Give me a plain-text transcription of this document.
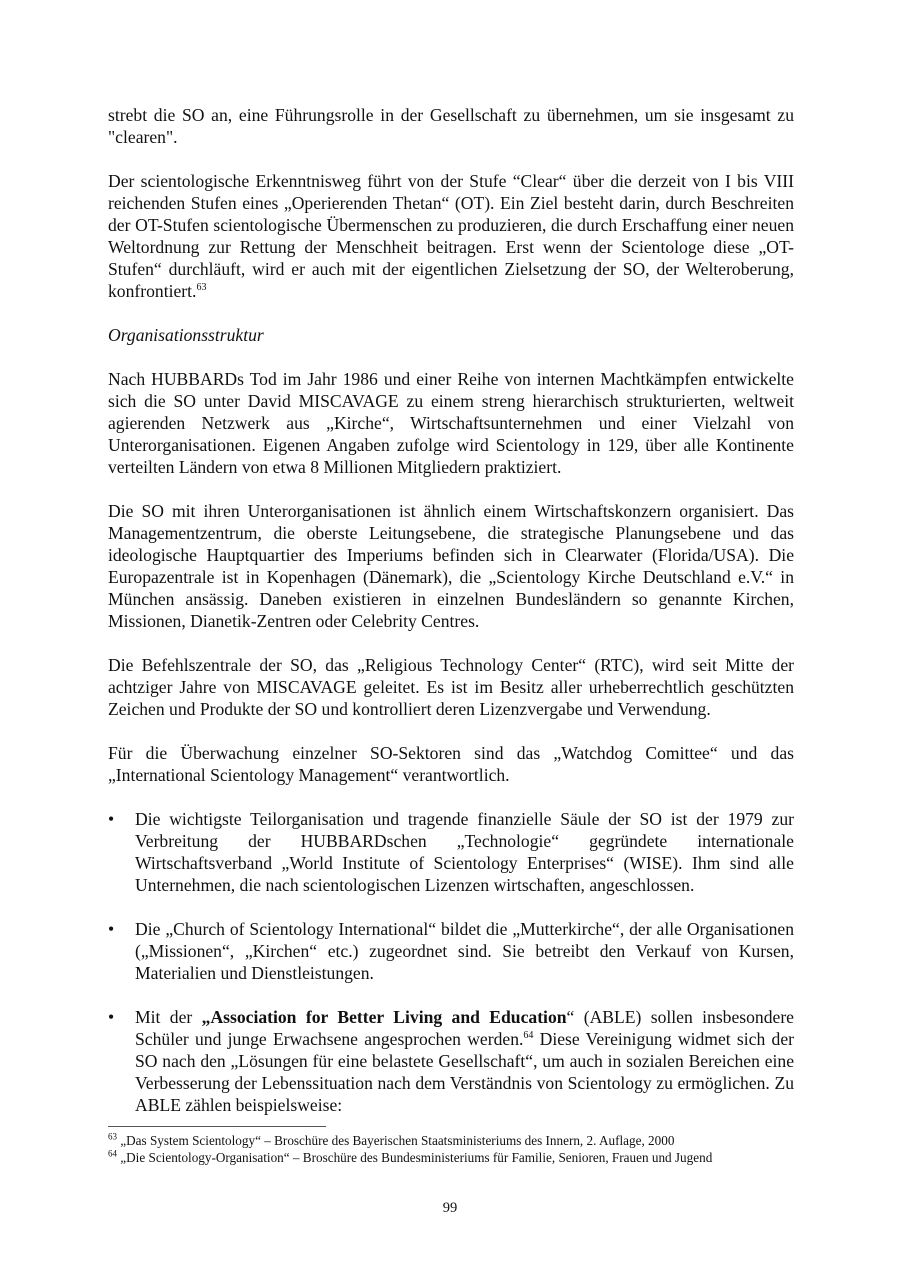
strebt die SO an, eine Führungsrolle in der Gesellschaft zu übernehmen, um sie insgesamt zu "clearen".

Der scientologische Erkenntnisweg führt von der Stufe “Clear“ über die derzeit von I bis VIII reichenden Stufen eines „Operierenden Thetan“ (OT). Ein Ziel besteht darin, durch Beschreiten der OT-Stufen scientologische Übermenschen zu produzieren, die durch Erschaffung einer neuen Weltordnung zur Rettung der Menschheit beitragen. Erst wenn der Scientologe diese „OT-Stufen“ durchläuft, wird er auch mit der eigentlichen Zielsetzung der SO, der Welteroberung, konfrontiert.$^{63}$

Organisationsstruktur

Nach HUBBARDs Tod im Jahr 1986 und einer Reihe von internen Machtkämpfen entwickelte sich die SO unter David MISCAVAGE zu einem streng hierarchisch strukturierten, weltweit agierenden Netzwerk aus „Kirche“, Wirtschaftsunternehmen und einer Vielzahl von Unterorganisationen. Eigenen Angaben zufolge wird Scientology in 129, über alle Kontinente verteilten Ländern von etwa 8 Millionen Mitgliedern praktiziert.

Die SO mit ihren Unterorganisationen ist ähnlich einem Wirtschaftskonzern organisiert. Das Managementzentrum, die oberste Leitungsebene, die strategische Planungsebene und das ideologische Hauptquartier des Imperiums befinden sich in Clearwater (Florida/USA). Die Europazentrale ist in Kopenhagen (Dänemark), die „Scientology Kirche Deutschland e.V.“ in München ansässig. Daneben existieren in einzelnen Bundesländern so genannte Kirchen, Missionen, Dianetik-Zentren oder Celebrity Centres.

Die Befehlszentrale der SO, das „Religious Technology Center“ (RTC), wird seit Mitte der achtziger Jahre von MISCAVAGE geleitet. Es ist im Besitz aller urheberrechtlich geschützten Zeichen und Produkte der SO und kontrolliert deren Lizenzvergabe und Verwendung.

Für die Überwachung einzelner SO-Sektoren sind das „Watchdog Comittee“ und das „International Scientology Management“ verantwortlich.

•	Die wichtigste Teilorganisation und tragende finanzielle Säule der SO ist der 1979 zur Verbreitung der HUBBARDschen „Technologie“ gegründete internationale Wirtschaftsverband „World Institute of Scientology Enterprises“ (WISE). Ihm sind alle Unternehmen, die nach scientologischen Lizenzen wirtschaften, angeschlossen.
•	Die „Church of Scientology International“ bildet die „Mutterkirche“, der alle Organisationen („Missionen“, „Kirchen“ etc.) zugeordnet sind. Sie betreibt den Verkauf von Kursen, Materialien und Dienstleistungen.
•	Mit der „Association for Better Living and Education“ (ABLE) sollen insbesondere Schüler und junge Erwachsene angesprochen werden.$^{64}$ Diese Vereinigung widmet sich der SO nach den „Lösungen für eine belastete Gesellschaft“, um auch in sozialen Bereichen eine Verbesserung der Lebenssituation nach dem Verständnis von Scientology zu ermöglichen. Zu ABLE zählen beispielsweise:

$^{63}$ „Das System Scientology“ – Broschüre des Bayerischen Staatsministeriums des Innern, 2. Auflage, 2000

$^{64}$ „Die Scientology-Organisation“ – Broschüre des Bundesministeriums für Familie, Senioren, Frauen und Jugend

99
